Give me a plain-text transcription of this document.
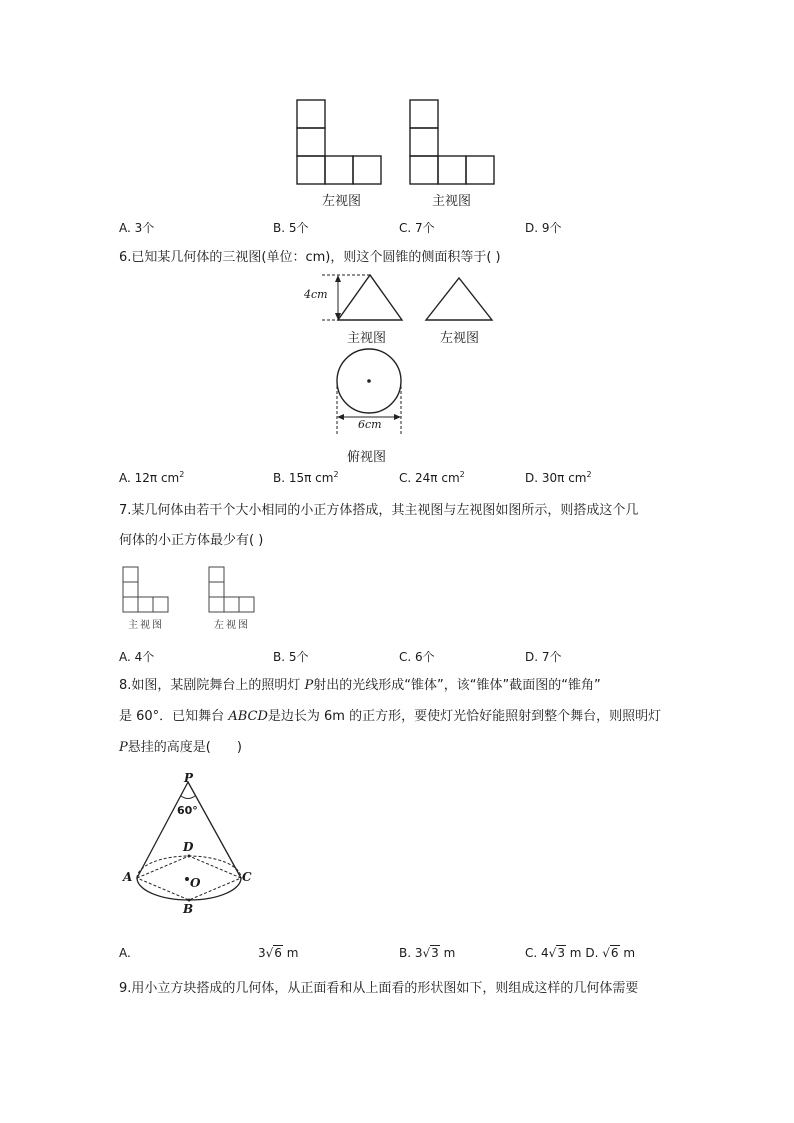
左视图	主视图
A. 3个	B. 5个	C. 7个	D. 9个
6.已知某几何体的三视图(单位：cm)，则这个圆锥的侧面积等于( )
4cm
主视图	左视图
6cm
俯视图
A. 12π $cm^2$	B. 15π $cm^2$	C. 24π $cm^2$	D. 30π $cm^2$
7.某几何体由若干个大小相同的小正方体搭成，其主视图与左视图如图所示，则搭成这个几
何体的小正方体最少有( )
主视图	左视图
A. 4个	B. 5个	C. 6个	D. 7个
8.如图，某剧院舞台上的照明灯 P射出的光线形成“锥体”，该“锥体”截面图的“锥角”
是 60°．已知舞台 ABCD是边长为 6m 的正方形，要使灯光恰好能照射到整个舞台，则照明灯
P悬挂的高度是(　　)
P
60°
D
A	C
O
B
A.	3√6 m	B. 3√3 m	C. 4√3 m D. √6 m
9.用小立方块搭成的几何体，从正面看和从上面看的形状图如下，则组成这样的几何体需要
